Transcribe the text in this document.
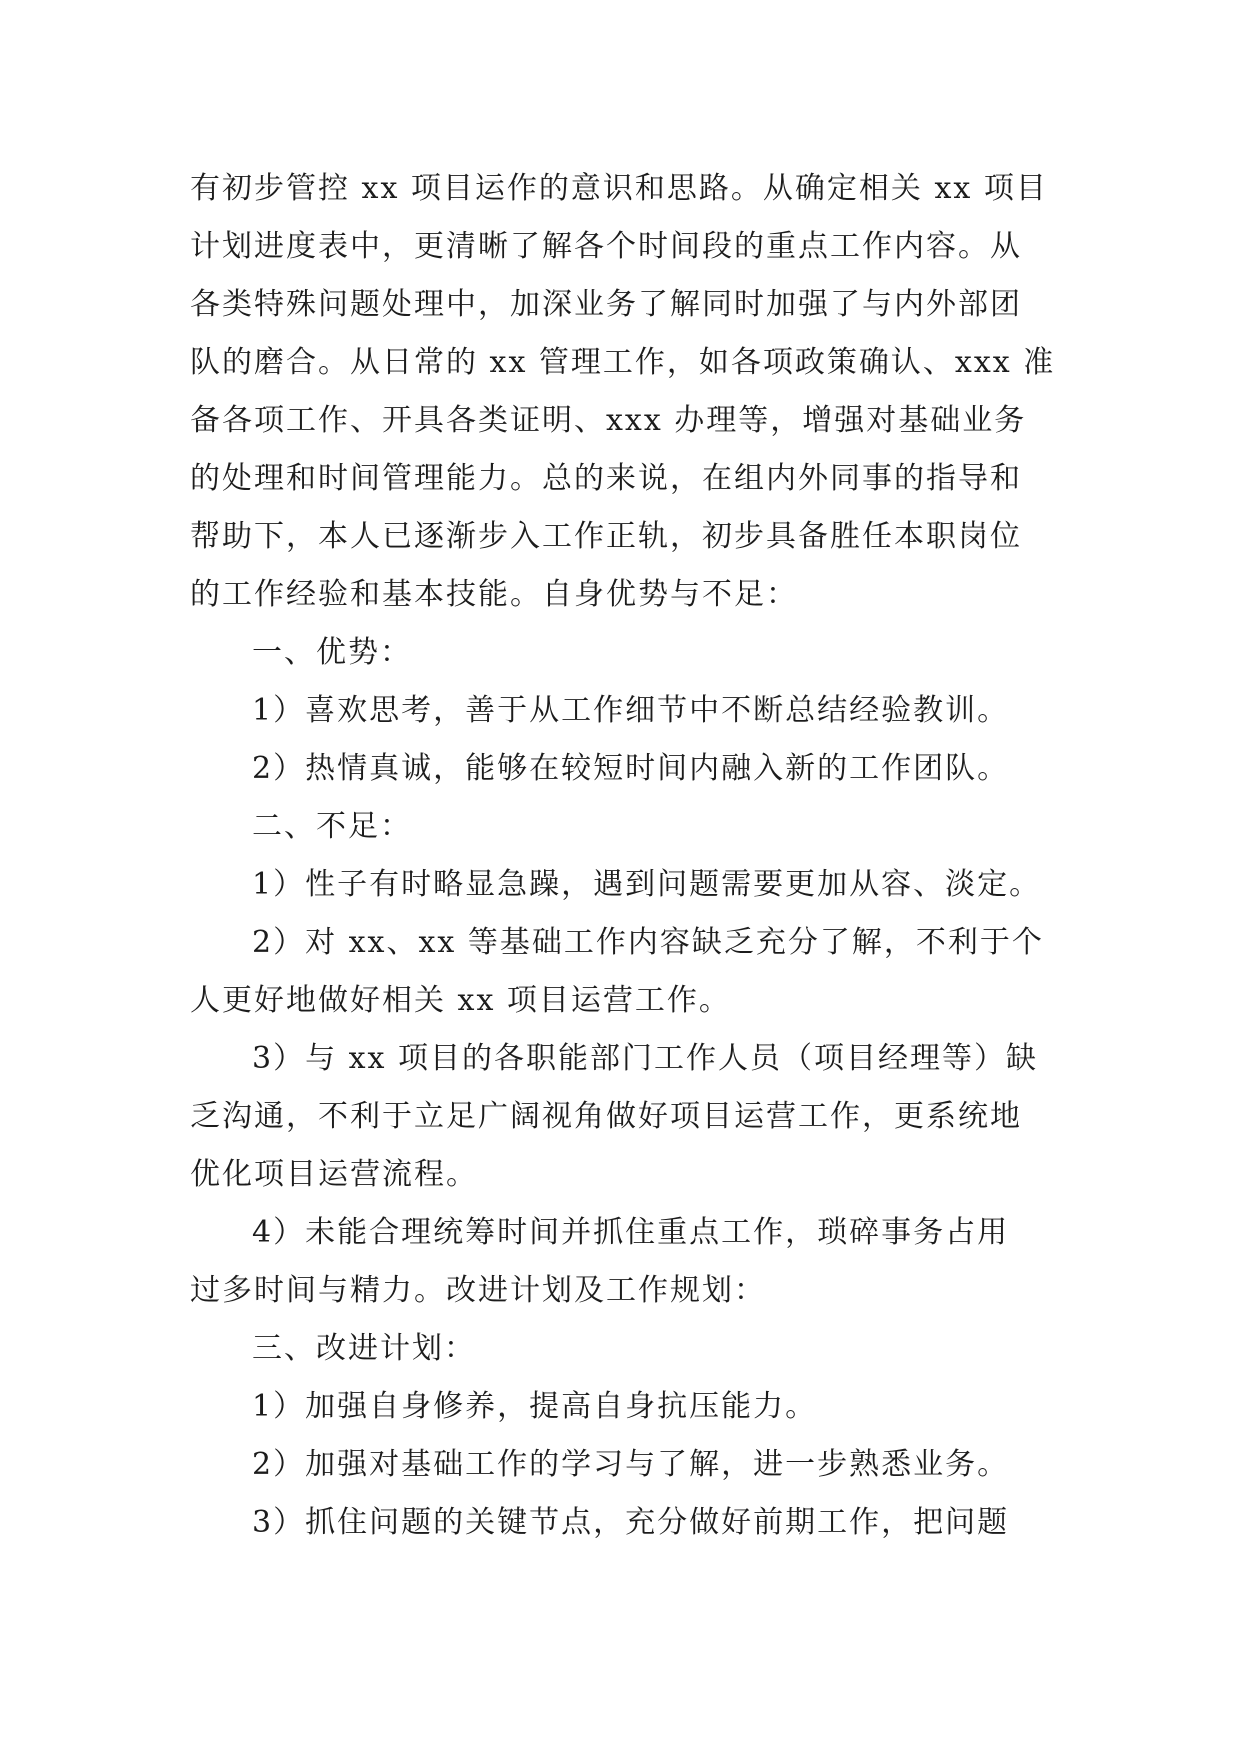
有初步管控 xx 项目运作的意识和思路。从确定相关 xx 项目
计划进度表中，更清晰了解各个时间段的重点工作内容。从
各类特殊问题处理中，加深业务了解同时加强了与内外部团
队的磨合。从日常的 xx 管理工作，如各项政策确认、xxx 准
备各项工作、开具各类证明、xxx 办理等，增强对基础业务
的处理和时间管理能力。总的来说，在组内外同事的指导和
帮助下，本人已逐渐步入工作正轨，初步具备胜任本职岗位
的工作经验和基本技能。自身优势与不足：
一、优势：
1）喜欢思考，善于从工作细节中不断总结经验教训。
2）热情真诚，能够在较短时间内融入新的工作团队。
二、不足：
1）性子有时略显急躁，遇到问题需要更加从容、淡定。
2）对 xx、xx 等基础工作内容缺乏充分了解，不利于个
人更好地做好相关 xx 项目运营工作。
3）与 xx 项目的各职能部门工作人员（项目经理等）缺
乏沟通，不利于立足广阔视角做好项目运营工作，更系统地
优化项目运营流程。
4）未能合理统筹时间并抓住重点工作，琐碎事务占用
过多时间与精力。改进计划及工作规划：
三、改进计划：
1）加强自身修养，提高自身抗压能力。
2）加强对基础工作的学习与了解，进一步熟悉业务。
3）抓住问题的关键节点，充分做好前期工作，把问题
